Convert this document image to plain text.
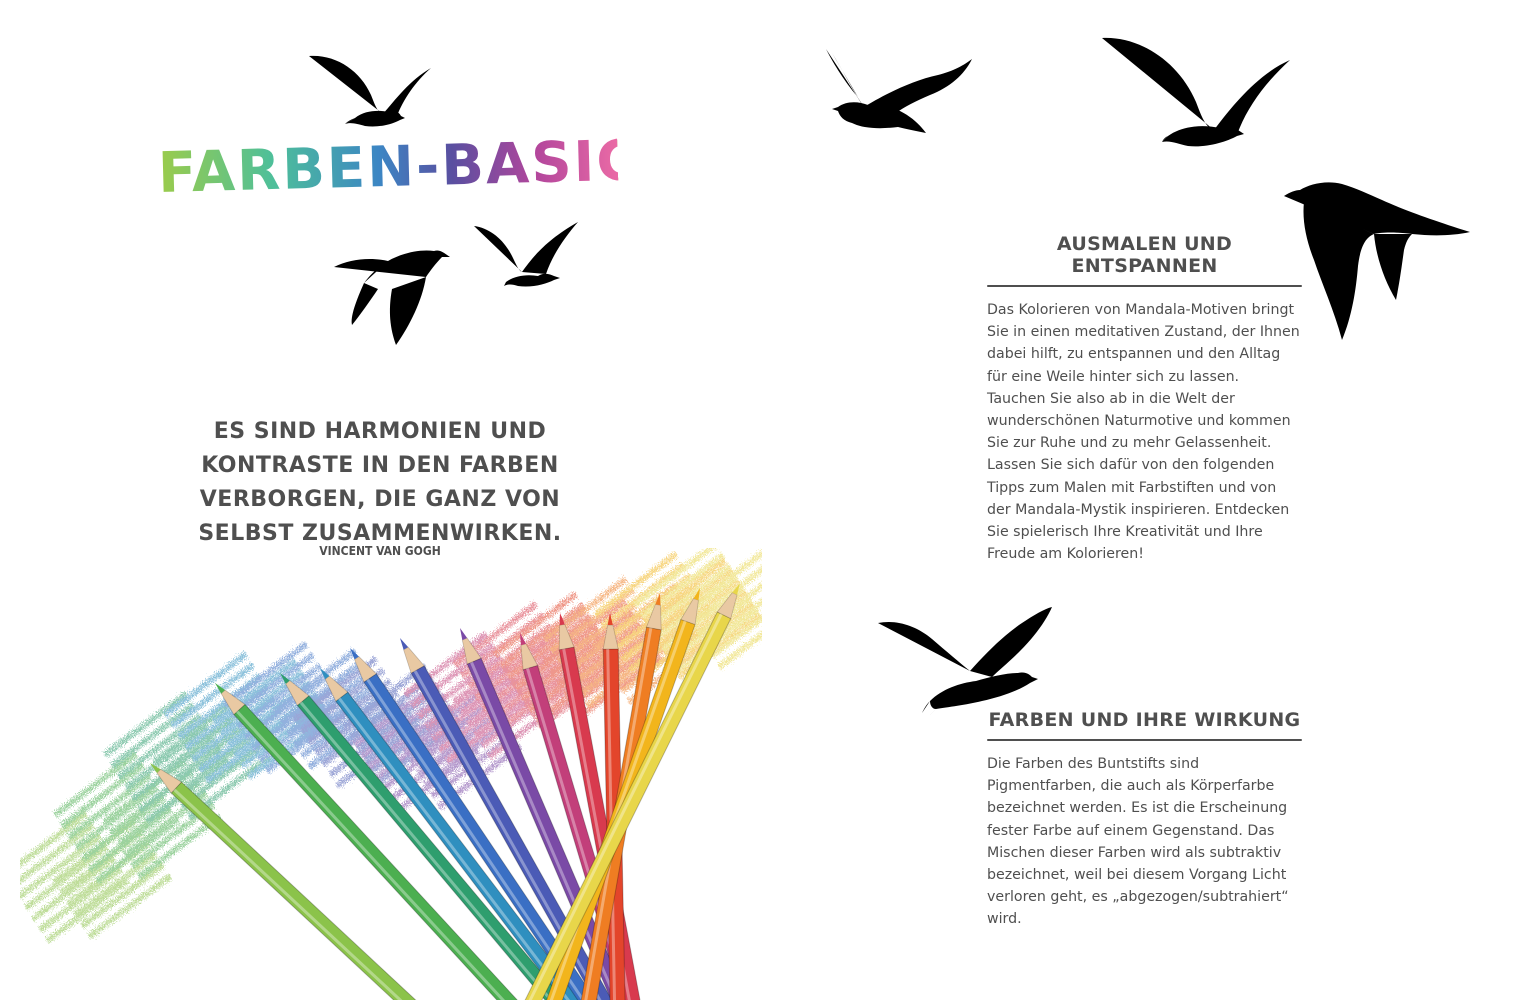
FARBEN-BASICS

ES SIND HARMONIEN UND KONTRASTE IN DEN FARBEN VERBORGEN, DIE GANZ VON SELBST ZUSAMMENWIRKEN.

VINCENT VAN GOGH

AUSMALEN UND ENTSPANNEN

Das Kolorieren von Mandala-Motiven bringt Sie in einen meditativen Zustand, der Ihnen dabei hilft, zu entspannen und den Alltag für eine Weile hinter sich zu lassen. Tauchen Sie also ab in die Welt der wunderschönen Naturmotive und kommen Sie zur Ruhe und zu mehr Gelassenheit. Lassen Sie sich dafür von den folgenden Tipps zum Malen mit Farbstiften und von der Mandala-Mystik inspirieren. Entdecken Sie spielerisch Ihre Kreativität und Ihre Freude am Kolorieren!

FARBEN UND IHRE WIRKUNG

Die Farben des Buntstifts sind Pigmentfarben, die auch als Körperfarbe bezeichnet werden. Es ist die Erscheinung fester Farbe auf einem Gegenstand. Das Mischen dieser Farben wird als subtraktiv bezeichnet, weil bei diesem Vorgang Licht verloren geht, es „abgezogen/subtrahiert“ wird.
